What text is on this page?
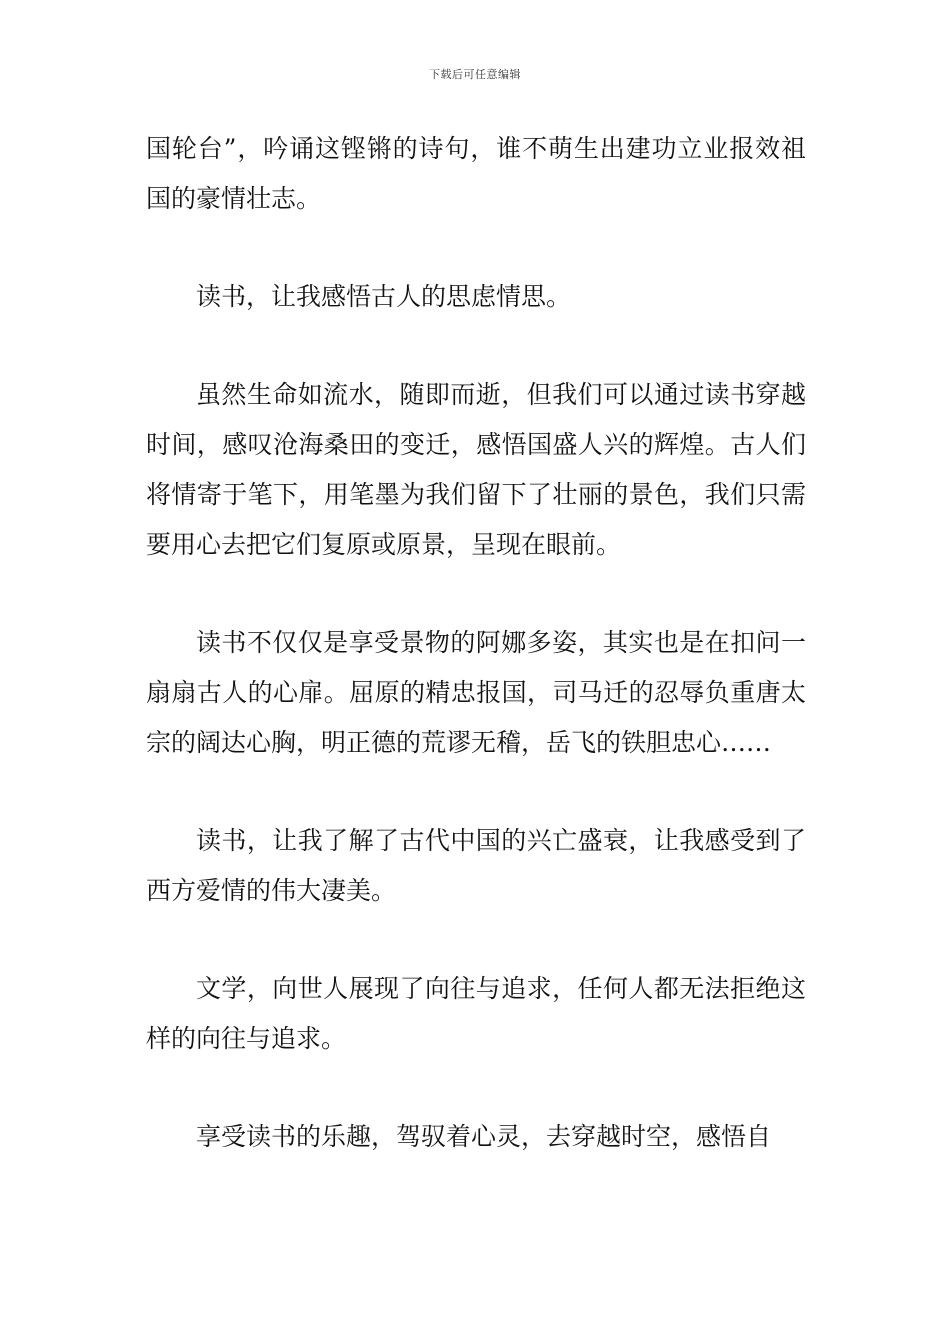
下载后可任意编辑

国轮台”，吟诵这铿锵的诗句，谁不萌生出建功立业报效祖国的豪情壮志。

读书，让我感悟古人的思虑情思。

虽然生命如流水，随即而逝，但我们可以通过读书穿越时间，感叹沧海桑田的变迁，感悟国盛人兴的辉煌。古人们将情寄于笔下，用笔墨为我们留下了壮丽的景色，我们只需要用心去把它们复原或原景，呈现在眼前。

读书不仅仅是享受景物的阿娜多姿，其实也是在扣问一扇扇古人的心扉。屈原的精忠报国，司马迁的忍辱负重唐太宗的阔达心胸，明正德的荒谬无稽，岳飞的铁胆忠心……

读书，让我了解了古代中国的兴亡盛衰，让我感受到了西方爱情的伟大凄美。

文学，向世人展现了向往与追求，任何人都无法拒绝这样的向往与追求。

享受读书的乐趣，驾驭着心灵，去穿越时空，感悟自
